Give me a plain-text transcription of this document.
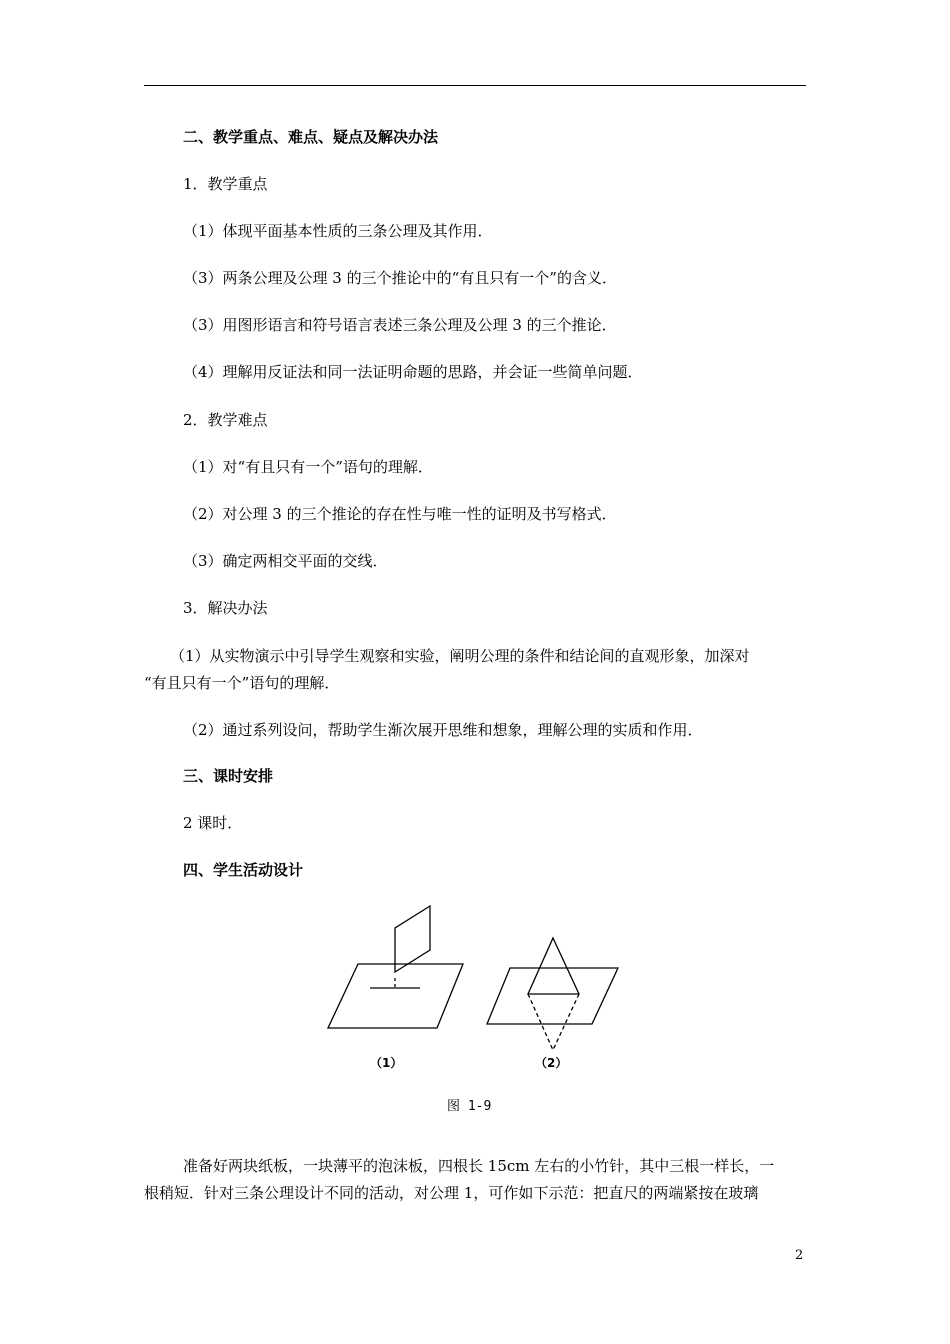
二、教学重点、难点、疑点及解决办法
1．教学重点
（1）体现平面基本性质的三条公理及其作用．
（3）两条公理及公理 3 的三个推论中的“有且只有一个”的含义．
（3）用图形语言和符号语言表述三条公理及公理 3 的三个推论．
（4）理解用反证法和同一法证明命题的思路，并会证一些简单问题．
2．教学难点
（1）对“有且只有一个”语句的理解．
（2）对公理 3 的三个推论的存在性与唯一性的证明及书写格式．
（3）确定两相交平面的交线．
3．解决办法
（1）从实物演示中引导学生观察和实验，阐明公理的条件和结论间的直观形象，加深对
“有且只有一个”语句的理解．
（2）通过系列设问，帮助学生渐次展开思维和想象，理解公理的实质和作用．
三、课时安排
2 课时．
四、学生活动设计
（1）	（2）
图 1-9
准备好两块纸板，一块薄平的泡沫板，四根长 15cm 左右的小竹针，其中三根一样长，一
根稍短．针对三条公理设计不同的活动，对公理 1，可作如下示范：把直尺的两端紧按在玻璃
2
